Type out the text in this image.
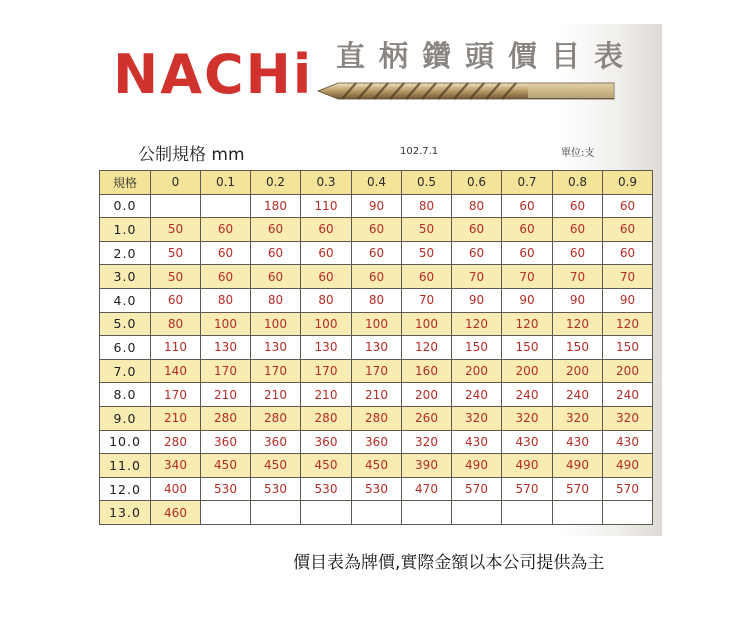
NACHi 直柄鑽頭價目表
公制規格 mm	102.7.1	單位:支
規格	0	0.1	0.2	0.3	0.4	0.5	0.6	0.7	0.8	0.9
0.0			180	110	90	80	80	60	60	60
1.0	50	60	60	60	60	50	60	60	60	60
2.0	50	60	60	60	60	50	60	60	60	60
3.0	50	60	60	60	60	60	70	70	70	70
4.0	60	80	80	80	80	70	90	90	90	90
5.0	80	100	100	100	100	100	120	120	120	120
6.0	110	130	130	130	130	120	150	150	150	150
7.0	140	170	170	170	170	160	200	200	200	200
8.0	170	210	210	210	210	200	240	240	240	240
9.0	210	280	280	280	280	260	320	320	320	320
10.0	280	360	360	360	360	320	430	430	430	430
11.0	340	450	450	450	450	390	490	490	490	490
12.0	400	530	530	530	530	470	570	570	570	570
13.0	460									
價目表為牌價,實際金額以本公司提供為主
